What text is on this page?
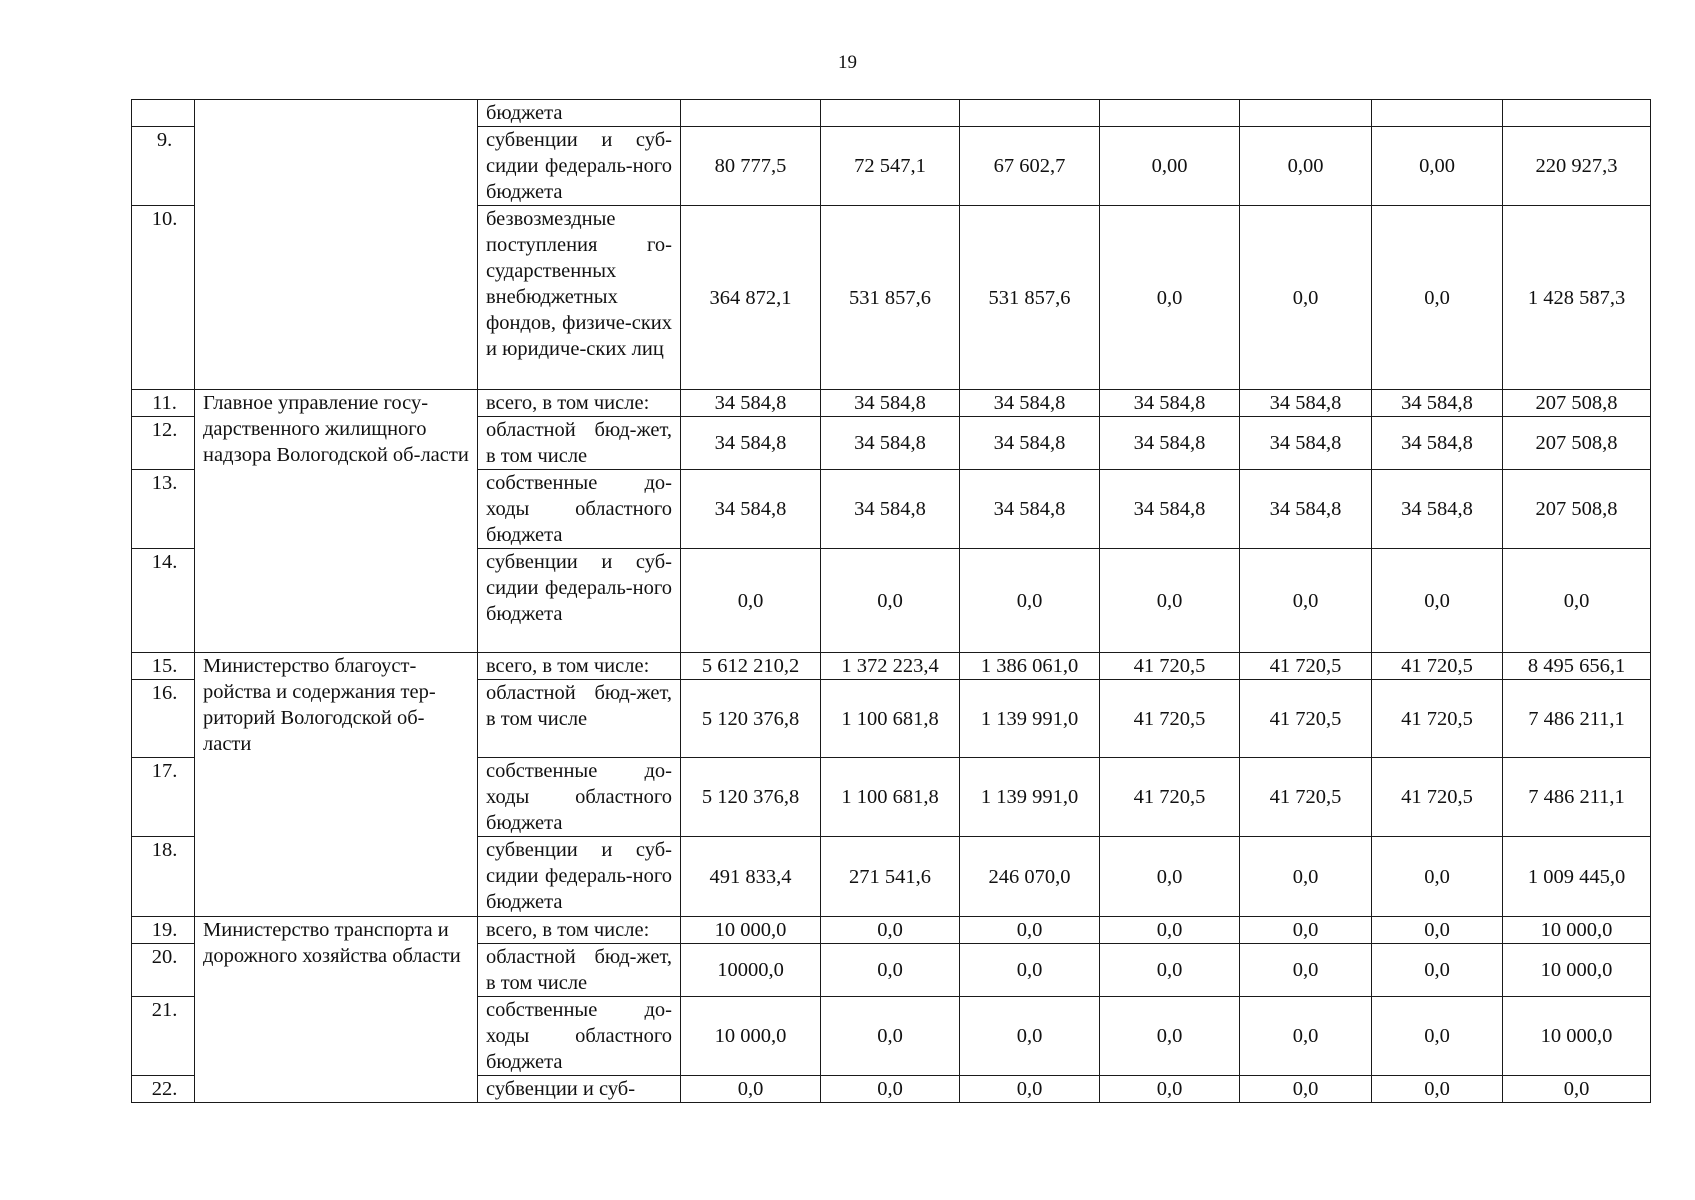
19
		бюджета							
9.		субвенции и суб-сидии федераль-ного бюджета	80 777,5	72 547,1	67 602,7	0,00	0,00	0,00	220 927,3
10.		безвозмездные поступления го-сударственных внебюджетных фондов, физиче-ских и юридиче-ских лиц	364 872,1	531 857,6	531 857,6	0,0	0,0	0,0	1 428 587,3
11.	Главное управление госу-дарственного жилищного надзора Вологодской об-ласти	всего, в том числе:	34 584,8	34 584,8	34 584,8	34 584,8	34 584,8	34 584,8	207 508,8
12.		областной бюд-жет, в том числе	34 584,8	34 584,8	34 584,8	34 584,8	34 584,8	34 584,8	207 508,8
13.		собственные до-ходы областного бюджета	34 584,8	34 584,8	34 584,8	34 584,8	34 584,8	34 584,8	207 508,8
14.		субвенции и суб-сидии федераль-ного бюджета	0,0	0,0	0,0	0,0	0,0	0,0	0,0
15.	Министерство благоуст-ройства и содержания тер-риторий Вологодской об-ласти	всего, в том числе:	5 612 210,2	1 372 223,4	1 386 061,0	41 720,5	41 720,5	41 720,5	8 495 656,1
16.		областной бюд-жет, в том числе	5 120 376,8	1 100 681,8	1 139 991,0	41 720,5	41 720,5	41 720,5	7 486 211,1
17.		собственные до-ходы областного бюджета	5 120 376,8	1 100 681,8	1 139 991,0	41 720,5	41 720,5	41 720,5	7 486 211,1
18.		субвенции и суб-сидии федераль-ного бюджета	491 833,4	271 541,6	246 070,0	0,0	0,0	0,0	1 009 445,0
19.	Министерство транспорта и дорожного хозяйства области	всего, в том числе:	10 000,0	0,0	0,0	0,0	0,0	0,0	10 000,0
20.		областной бюд-жет, в том числе	10000,0	0,0	0,0	0,0	0,0	0,0	10 000,0
21.		собственные до-ходы областного бюджета	10 000,0	0,0	0,0	0,0	0,0	0,0	10 000,0
22.		субвенции и суб-	0,0	0,0	0,0	0,0	0,0	0,0	0,0
